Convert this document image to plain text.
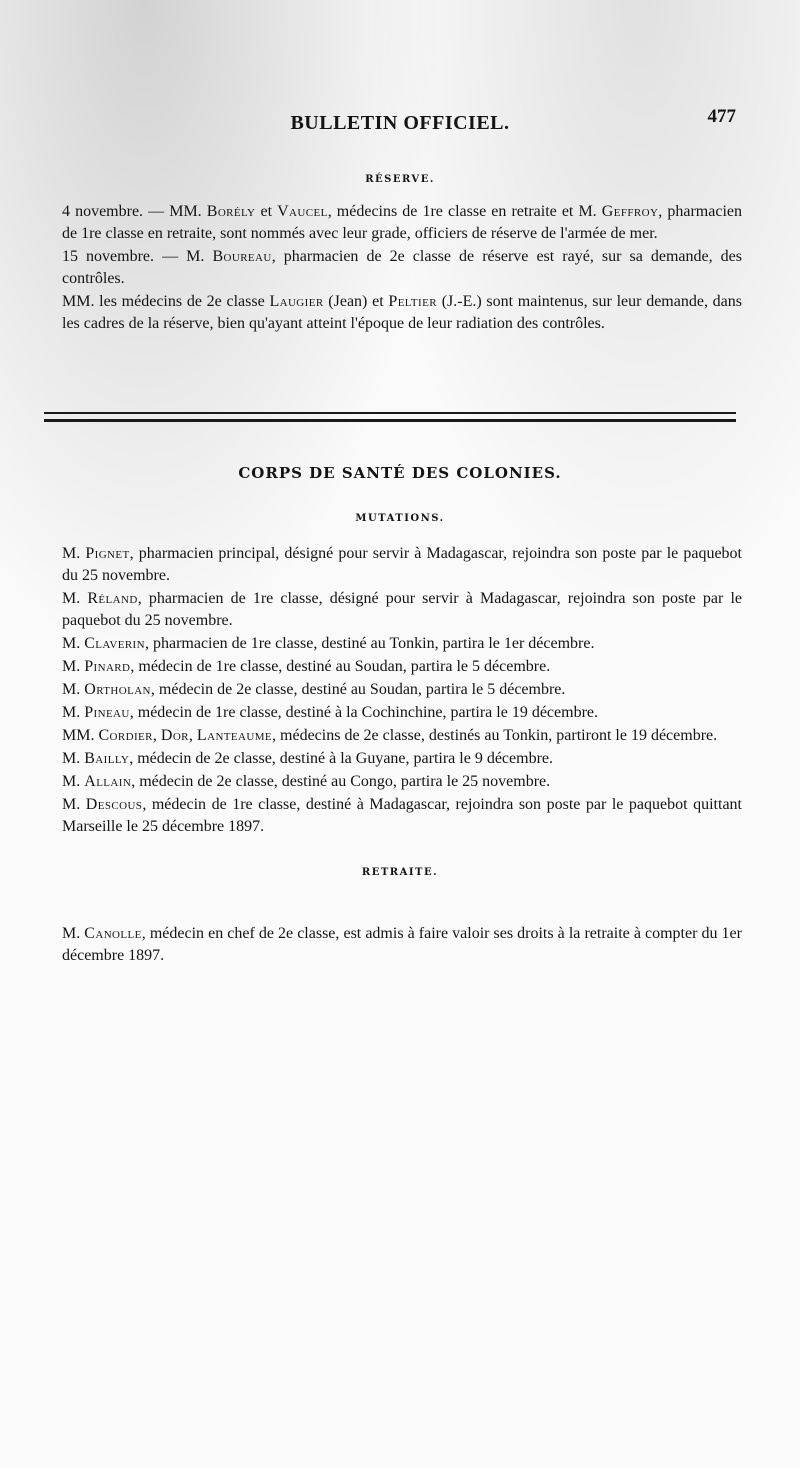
BULLETIN OFFICIEL.	477
RÉSERVE.

4 novembre. — MM. Borély et Vaucel, médecins de 1re classe en retraite et M. Geffroy, pharmacien de 1re classe en retraite, sont nommés avec leur grade, officiers de réserve de l'armée de mer.

15 novembre. — M. Boureau, pharmacien de 2e classe de réserve est rayé, sur sa demande, des contrôles.

MM. les médecins de 2e classe Laugier (Jean) et Peltier (J.-E.) sont maintenus, sur leur demande, dans les cadres de la réserve, bien qu'ayant atteint l'époque de leur radiation des contrôles.

CORPS DE SANTÉ DES COLONIES.
MUTATIONS.

M. Pignet, pharmacien principal, désigné pour servir à Madagascar, rejoindra son poste par le paquebot du 25 novembre.

M. Réland, pharmacien de 1re classe, désigné pour servir à Madagascar, rejoindra son poste par le paquebot du 25 novembre.

M. Claverin, pharmacien de 1re classe, destiné au Tonkin, partira le 1er décembre.

M. Pinard, médecin de 1re classe, destiné au Soudan, partira le 5 décembre.

M. Ortholan, médecin de 2e classe, destiné au Soudan, partira le 5 décembre.

M. Pineau, médecin de 1re classe, destiné à la Cochinchine, partira le 19 décembre.

MM. Cordier, Dor, Lanteaume, médecins de 2e classe, destinés au Tonkin, partiront le 19 décembre.

M. Bailly, médecin de 2e classe, destiné à la Guyane, partira le 9 décembre.

M. Allain, médecin de 2e classe, destiné au Congo, partira le 25 novembre.

M. Descous, médecin de 1re classe, destiné à Madagascar, rejoindra son poste par le paquebot quittant Marseille le 25 décembre 1897.

RETRAITE.

M. Canolle, médecin en chef de 2e classe, est admis à faire valoir ses droits à la retraite à compter du 1er décembre 1897.
